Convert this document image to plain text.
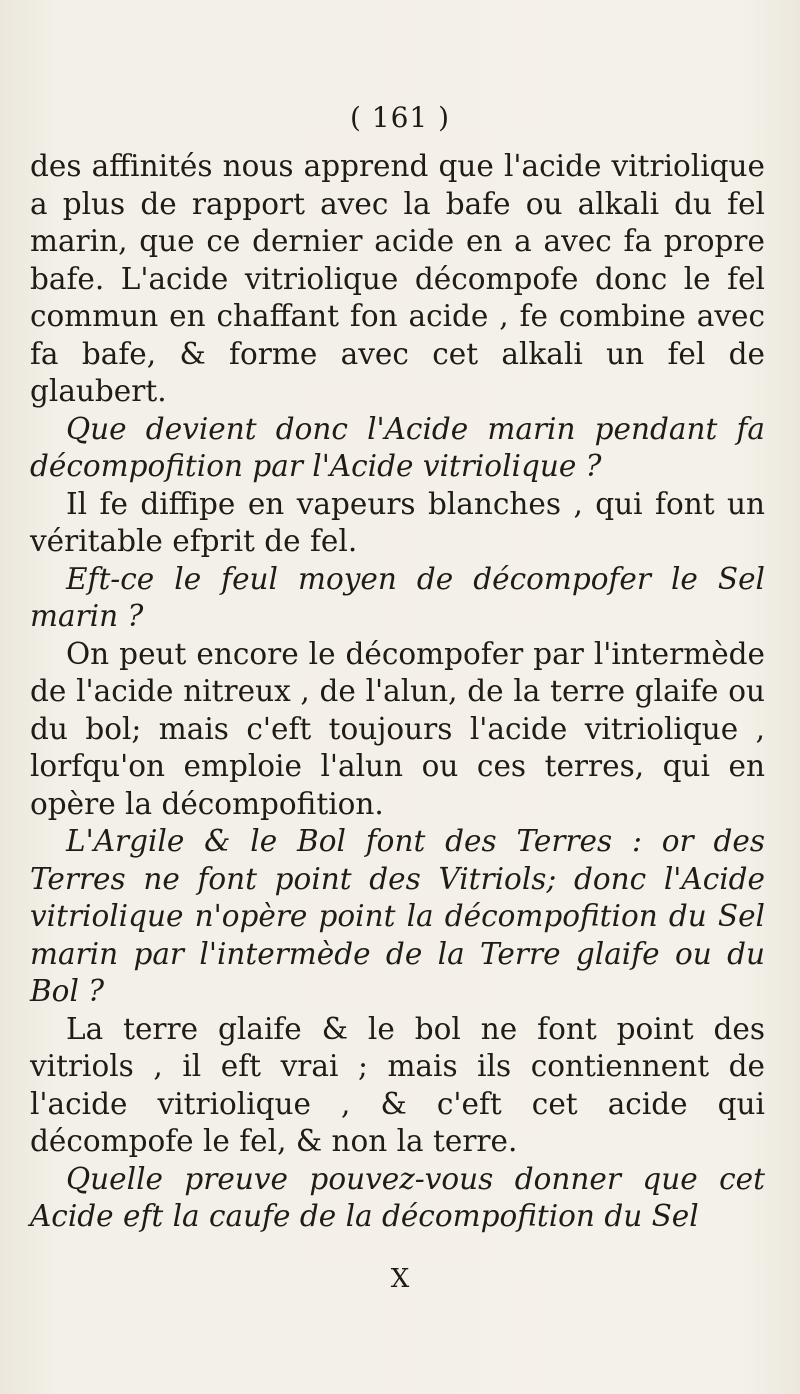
( 161 )

des affinités nous apprend que l'acide vitriolique a plus de rapport avec la bafe ou alkali du fel marin, que ce dernier acide en a avec fa propre bafe. L'acide vitriolique décompofe donc le fel commun en chaffant fon acide , fe combine avec fa bafe, & forme avec cet alkali un fel de glaubert.

Que devient donc l'Acide marin pendant fa décompofition par l'Acide vitriolique ?

Il fe diffipe en vapeurs blanches , qui font un véritable efprit de fel.

Eft-ce le feul moyen de décompofer le Sel marin ?

On peut encore le décompofer par l'intermède de l'acide nitreux , de l'alun, de la terre glaife ou du bol; mais c'eft toujours l'acide vitriolique , lorfqu'on emploie l'alun ou ces terres, qui en opère la décompofition.

L'Argile & le Bol font des Terres : or des Terres ne font point des Vitriols; donc l'Acide vitriolique n'opère point la décompofition du Sel marin par l'intermède de la Terre glaife ou du Bol ?

La terre glaife & le bol ne font point des vitriols , il eft vrai ; mais ils contiennent de l'acide vitriolique , & c'eft cet acide qui décompofe le fel, & non la terre.

Quelle preuve pouvez-vous donner que cet Acide eft la caufe de la décompofition du Sel

X
